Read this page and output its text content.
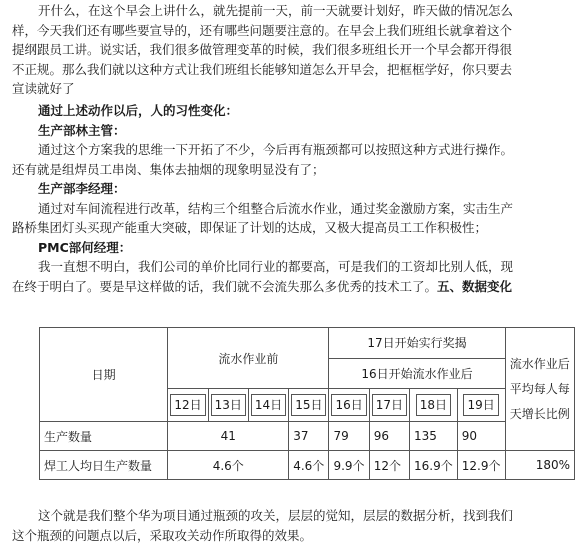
开什么，在这个早会上讲什么，就先提前一天，前一天就要计划好，昨天做的情况怎么

样，今天我们还有哪些要宣导的，还有哪些问题要注意的。在早会上我们班组长就拿着这个

提纲跟员工讲。说实话，我们很多做管理变革的时候，我们很多班组长开一个早会都开得很

不正规。那么我们就以这种方式让我们班组长能够知道怎么开早会，把框框学好，你只要去

宣读就好了

通过上述动作以后，人的习性变化：

生产部林主管：

通过这个方案我的思维一下开拓了不少，今后再有瓶颈都可以按照这种方式进行操作。

还有就是组焊员工串岗、集体去抽烟的现象明显没有了；

生产部李经理：

通过对车间流程进行改革，结构三个组整合后流水作业，通过奖金激励方案，实击生产

路桥集团灯头买现产能重大突破，即保证了计划的达成，又极大提高员工工作积极性；

PMC部何经理：

我一直想不明白，我们公司的单价比同行业的都要高，可是我们的工资却比别人低，现

在终于明白了。要是早这样做的话，我们就不会流失那么多优秀的技术工了。五、数据变化

日期	流水作业前				17日开始实行奖揭				流水作业后平均每人每天增长比例
					16日开始流水作业后				
	12日	13日	14日	15日	16日	17日	18日	19日	
生产数量	41			37	79	96	135	90	
焊工人均日生产数量	4.6个			4.6个	9.9个	12个	16.9个	12.9个	180%

这个就是我们整个华为项目通过瓶颈的攻关，层层的觉知，层层的数据分析，找到我们

这个瓶颈的问题点以后，采取攻关动作所取得的效果。
